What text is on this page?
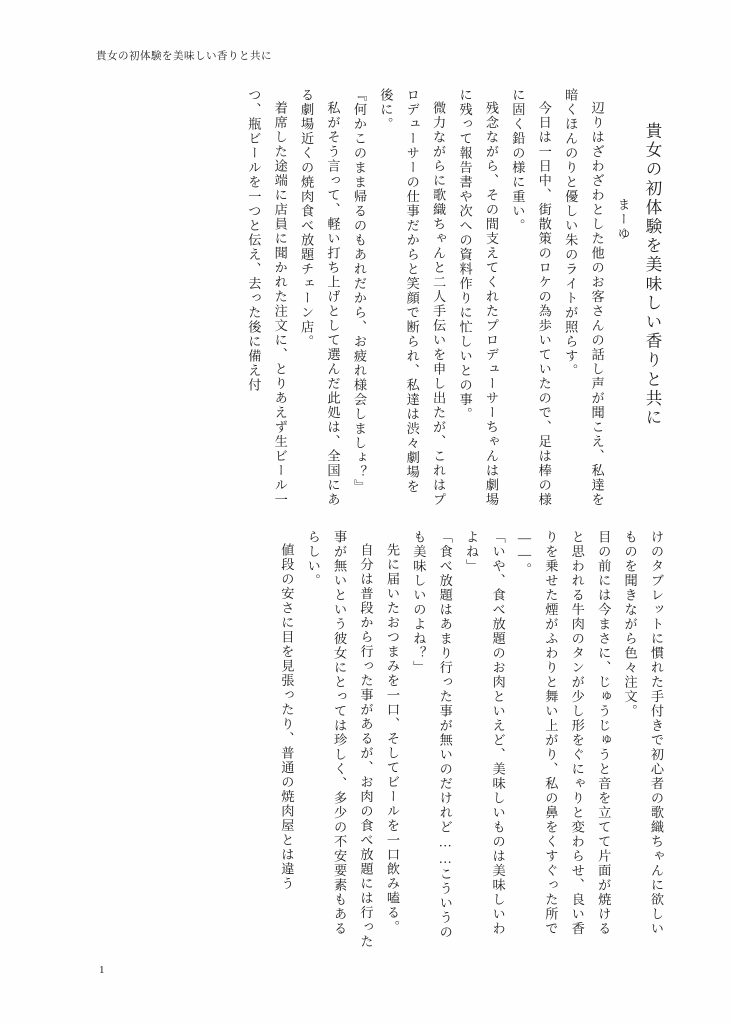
貴女の初体験を美味しい香りと共に
貴女の初体験を美味しい香りと共に まーゆ

辺りはざわざわとした他のお客さんの話し声が聞こえ、私達を暗くほんのりと優しい朱のライトが照らす。

今日は一日中、街散策のロケの為歩いていたので、足は棒の様に固く鉛の様に重い。

残念ながら、その間支えてくれたプロデューサーちゃんは劇場に残って報告書や次への資料作りに忙しいとの事。

微力ながらに歌織ちゃんと二人手伝いを申し出たが、これはプロデューサーの仕事だからと笑顔で断られ、私達は渋々劇場を後に。

『何かこのまま帰るのもあれだから、お疲れ様会しましょ？』

私がそう言って、軽い打ち上げとして選んだ此処は、全国にある劇場近くの焼肉食べ放題チェーン店。

着席した途端に店員に聞かれた注文に、とりあえず生ビール一つ、瓶ビールを一つと伝え、去った後に備え付

けのタブレットに慣れた手付きで初心者の歌織ちゃんに欲しいものを聞きながら色々注文。

目の前には今まさに、じゅうじゅうと音を立てて片面が焼けると思われる牛肉のタンが少し形をぐにゃりと変わらせ、良い香りを乗せた煙がふわりと舞い上がり、私の鼻をくすぐった所で――。

「いや、食べ放題のお肉といえど、美味しいものは美味しいわよね」

「食べ放題はあまり行った事が無いのだけれど……こういうのも美味しいのよね？」

先に届いたおつまみを一口、そしてビールを一口飲み嗑る。

自分は普段から行った事があるが、お肉の食べ放題には行った事が無いという彼女にとっては珍しく、多少の不安要素もあるらしい。

値段の安さに目を見張ったり、普通の焼肉屋とは違う

1
